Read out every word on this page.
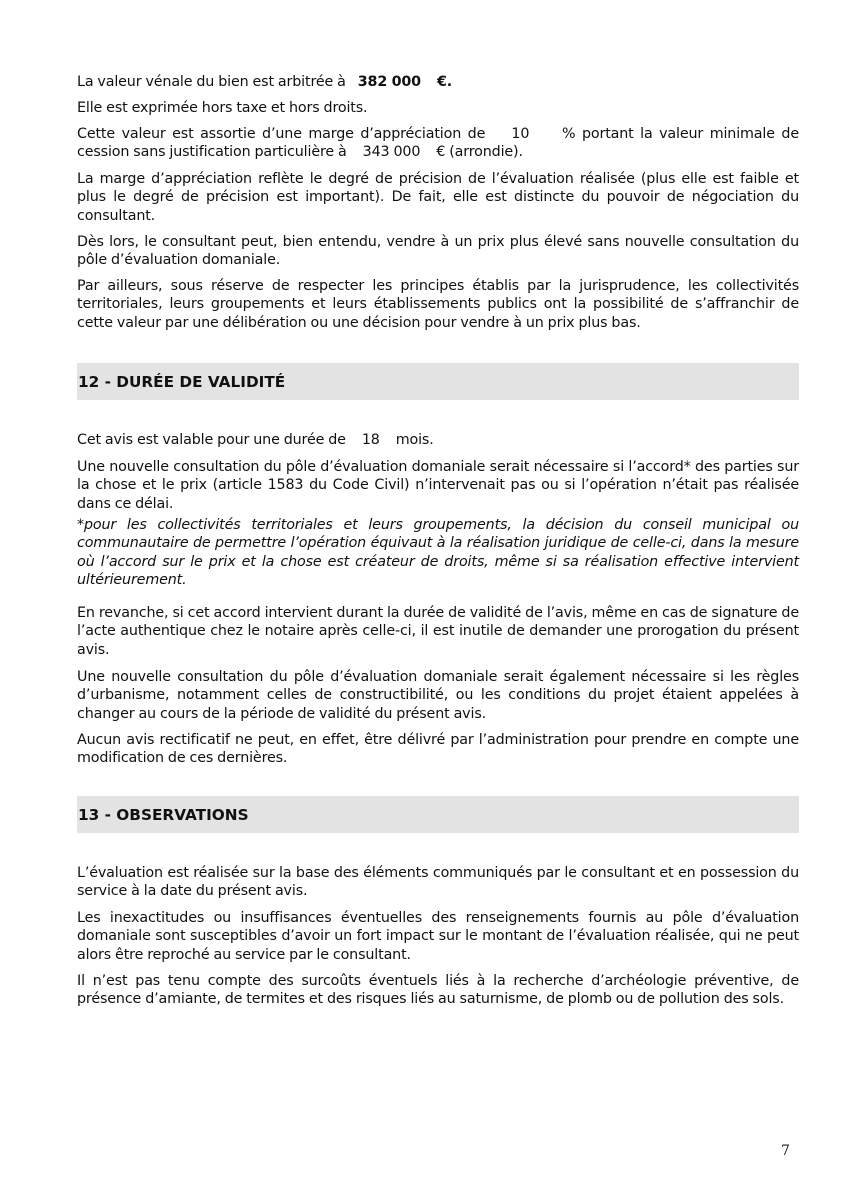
La valeur vénale du bien est arbitrée à 382 000 €.

Elle est exprimée hors taxe et hors droits.

Cette valeur est assortie d’une marge d’appréciation de 10 % portant la valeur minimale de cession sans justification particulière à 343 000 € (arrondie).

La marge d’appréciation reflète le degré de précision de l’évaluation réalisée (plus elle est faible et plus le degré de précision est important). De fait, elle est distincte du pouvoir de négociation du consultant.

Dès lors, le consultant peut, bien entendu, vendre à un prix plus élevé sans nouvelle consultation du pôle d’évaluation domaniale.

Par ailleurs, sous réserve de respecter les principes établis par la jurisprudence, les collectivités territoriales, leurs groupements et leurs établissements publics ont la possibilité de s’affranchir de cette valeur par une délibération ou une décision pour vendre à un prix plus bas.

12 - DURÉE DE VALIDITÉ

Cet avis est valable pour une durée de 18 mois.

Une nouvelle consultation du pôle d’évaluation domaniale serait nécessaire si l’accord* des parties sur la chose et le prix (article 1583 du Code Civil) n’intervenait pas ou si l’opération n’était pas réalisée dans ce délai.

*pour les collectivités territoriales et leurs groupements, la décision du conseil municipal ou communautaire de permettre l’opération équivaut à la réalisation juridique de celle-ci, dans la mesure où l’accord sur le prix et la chose est créateur de droits, même si sa réalisation effective intervient ultérieurement.

En revanche, si cet accord intervient durant la durée de validité de l’avis, même en cas de signature de l’acte authentique chez le notaire après celle-ci, il est inutile de demander une prorogation du présent avis.

Une nouvelle consultation du pôle d’évaluation domaniale serait également nécessaire si les règles d’urbanisme, notamment celles de constructibilité, ou les conditions du projet étaient appelées à changer au cours de la période de validité du présent avis.

Aucun avis rectificatif ne peut, en effet, être délivré par l’administration pour prendre en compte une modification de ces dernières.

13 - OBSERVATIONS

L’évaluation est réalisée sur la base des éléments communiqués par le consultant et en possession du service à la date du présent avis.

Les inexactitudes ou insuffisances éventuelles des renseignements fournis au pôle d’évaluation domaniale sont susceptibles d’avoir un fort impact sur le montant de l’évaluation réalisée, qui ne peut alors être reproché au service par le consultant.

Il n’est pas tenu compte des surcoûts éventuels liés à la recherche d’archéologie préventive, de présence d’amiante, de termites et des risques liés au saturnisme, de plomb ou de pollution des sols.

7
